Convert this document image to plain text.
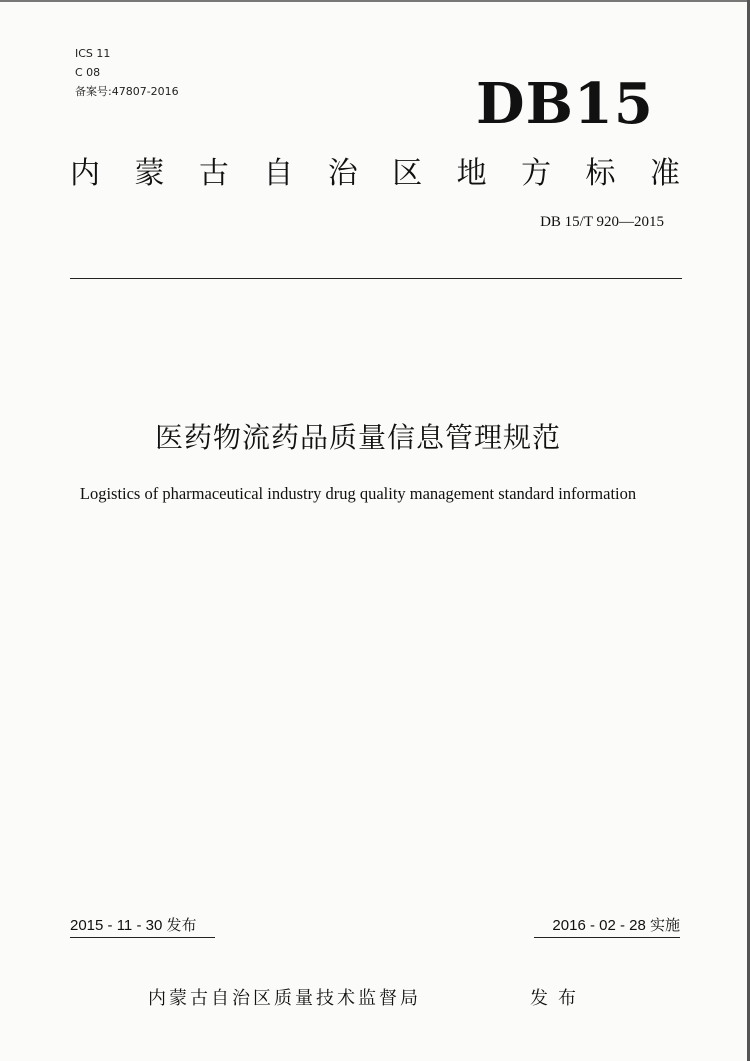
ICS 11
C 08
备案号:47807-2016	DB15
内 蒙 古 自 治 区 地 方 标 准
DB 15/T 920—2015
医药物流药品质量信息管理规范
Logistics of pharmaceutical industry drug quality management standard information
2015 - 11 - 30 发布	2016 - 02 - 28 实施
内蒙古自治区质量技术监督局	发布
